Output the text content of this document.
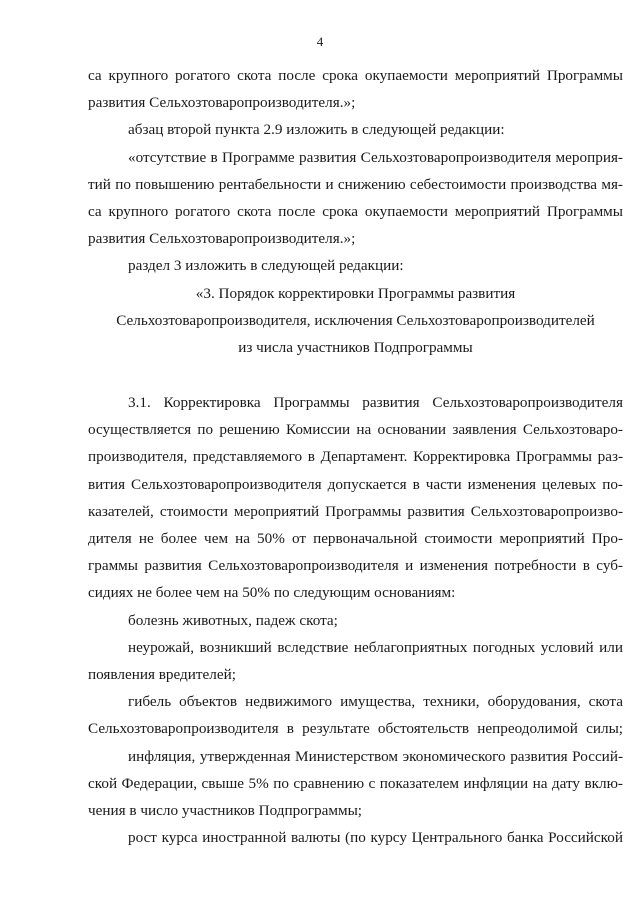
4
са крупного рогатого скота после срока окупаемости мероприятий Программы
развития Сельхозтоваропроизводителя.»;
абзац второй пункта 2.9 изложить в следующей редакции:
«отсутствие в Программе развития Сельхозтоваропроизводителя мероприя-
тий по повышению рентабельности и снижению себестоимости производства мя-
са крупного рогатого скота после срока окупаемости мероприятий Программы
развития Сельхозтоваропроизводителя.»;
раздел 3 изложить в следующей редакции:
«3. Порядок корректировки Программы развития
Сельхозтоваропроизводителя, исключения Сельхозтоваропроизводителей
из числа участников Подпрограммы
3.1. Корректировка Программы развития Сельхозтоваропроизводителя
осуществляется по решению Комиссии на основании заявления Сельхозтоваро-
производителя, представляемого в Департамент. Корректировка Программы раз-
вития Сельхозтоваропроизводителя допускается в части изменения целевых по-
казателей, стоимости мероприятий Программы развития Сельхозтоваропроизво-
дителя не более чем на 50% от первоначальной стоимости мероприятий Про-
граммы развития Сельхозтоваропроизводителя и изменения потребности в суб-
сидиях не более чем на 50% по следующим основаниям:
болезнь животных, падеж скота;
неурожай, возникший вследствие неблагоприятных погодных условий или
появления вредителей;
гибель объектов недвижимого имущества, техники, оборудования, скота
Сельхозтоваропроизводителя в результате обстоятельств непреодолимой силы;
инфляция, утвержденная Министерством экономического развития Россий-
ской Федерации, свыше 5% по сравнению с показателем инфляции на дату вклю-
чения в число участников Подпрограммы;
рост курса иностранной валюты (по курсу Центрального банка Российской
